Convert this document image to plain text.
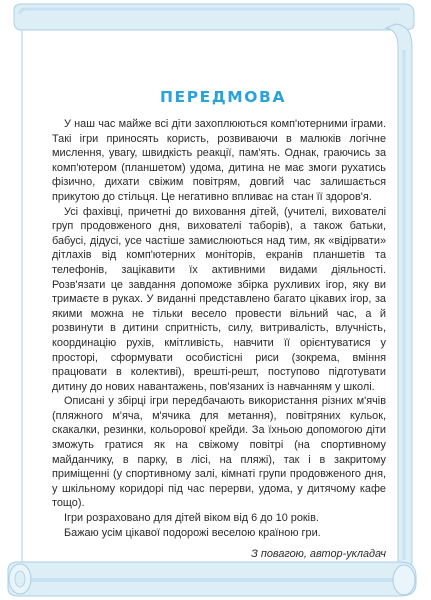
ПЕРЕДМОВА

У наш час майже всі діти захоплюються комп'ютерними іграми. Такі ігри приносять користь, розвиваючи в малюків логічне мислення, увагу, швидкість реакції, пам'ять. Однак, граючись за комп'ютером (планшетом) удома, дитина не має змоги рухатись фізично, дихати свіжим повітрям, довгий час залишається прикутою до стільця. Це негативно впливає на стан її здоров'я.

Усі фахівці, причетні до виховання дітей, (учителі, вихователі груп продовженого дня, вихователі таборів), а також батьки, бабусі, дідусі, усе частіше замислюються над тим, як «відірвати» дітлахів від комп'ютерних моніторів, екранів планшетів та телефонів, зацікавити їх активними видами діяльності. Розв'язати це завдання допоможе збірка рухливих ігор, яку ви тримаєте в руках. У виданні представлено багато цікавих ігор, за якими можна не тільки весело провести вільний час, а й розвинути в дитини спритність, силу, витривалість, влучність, координацію рухів, кмітливість, навчити її орієнтуватися у просторі, сформувати особистісні риси (зокрема, вміння працювати в колективі), врешті-решт, поступово підготувати дитину до нових навантажень, пов'язаних із навчанням у школі.

Описані у збірці ігри передбачають використання різних м'ячів (пляжного м'яча, м'ячика для метання), повітряних кульок, скакалки, резинки, кольорової крейди. За їхньою допомогою діти зможуть гратися як на свіжому повітрі (на спортивному майданчику, в парку, в лісі, на пляжі), так і в закритому приміщенні (у спортивному залі, кімнаті групи продовженого дня, у шкільному коридорі під час перерви, удома, у дитячому кафе тощо).

Ігри розраховано для дітей віком від 6 до 10 років.

Бажаю усім цікавої подорожі веселою країною гри.

З повагою, автор-укладач
